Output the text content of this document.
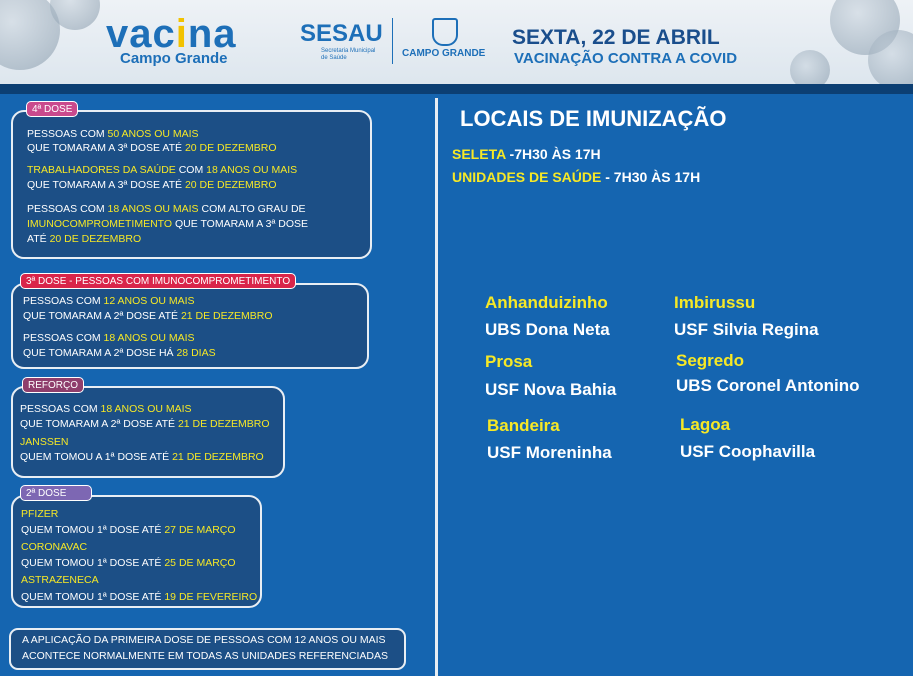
vacina
Campo Grande
SESAU
Secretaria Municipal de Saúde	CAMPO GRANDE
SEXTA, 22 DE ABRIL
VACINAÇÃO CONTRA A COVID
PESSOAS COM 50 ANOS OU MAIS
QUE TOMARAM A 3ª DOSE ATÉ 20 DE DEZEMBRO
TRABALHADORES DA SAÚDE COM 18 ANOS OU MAIS
QUE TOMARAM A 3ª DOSE ATÉ 20 DE DEZEMBRO
PESSOAS COM 18 ANOS OU MAIS COM ALTO GRAU DE
IMUNOCOMPROMETIMENTO QUE TOMARAM A 3ª DOSE
ATÉ 20 DE DEZEMBRO
4ª DOSE
PESSOAS COM 12 ANOS OU MAIS
QUE TOMARAM A 2ª DOSE ATÉ 21 DE DEZEMBRO
PESSOAS COM 18 ANOS OU MAIS
QUE TOMARAM A 2ª DOSE HÁ 28 DIAS
3ª DOSE - PESSOAS COM IMUNOCOMPROMETIMENTO
PESSOAS COM 18 ANOS OU MAIS
QUE TOMARAM A 2ª DOSE ATÉ 21 DE DEZEMBRO
JANSSEN
QUEM TOMOU A 1ª DOSE ATÉ 21 DE DEZEMBRO
REFORÇO
PFIZER
QUEM TOMOU 1ª DOSE ATÉ 27 DE MARÇO
CORONAVAC
QUEM TOMOU 1ª DOSE ATÉ 25 DE MARÇO
ASTRAZENECA
QUEM TOMOU 1ª DOSE ATÉ 19 DE FEVEREIRO
2ª DOSE
A APLICAÇÃO DA PRIMEIRA DOSE DE PESSOAS COM 12 ANOS OU MAIS
ACONTECE NORMALMENTE EM TODAS AS UNIDADES REFERENCIADAS
LOCAIS DE IMUNIZAÇÃO
SELETA -7H30 ÀS 17H
UNIDADES DE SAÚDE - 7H30 ÀS 17H
Anhanduizinho
UBS Dona Neta
Imbirussu
USF Silvia Regina
Prosa
USF Nova Bahia
Segredo
UBS Coronel Antonino
Bandeira
USF Moreninha
Lagoa
USF Coophavilla
